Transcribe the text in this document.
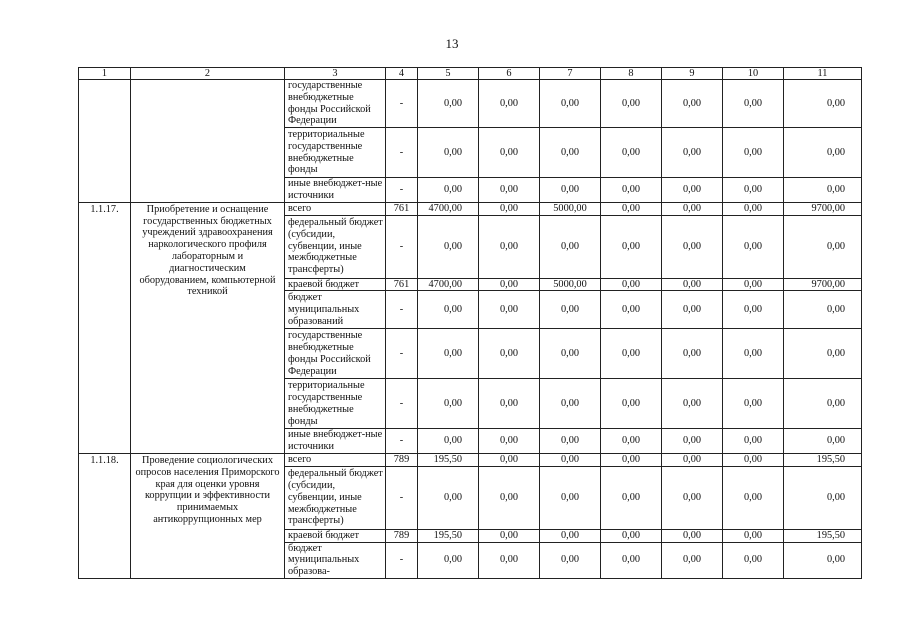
13
1	2	3	4	5	6	7	8	9	10	11
		государственные внебюджетные фонды Российской Федерации	-	0,00	0,00	0,00	0,00	0,00	0,00	0,00
		территориальные государственные внебюджетные фонды	-	0,00	0,00	0,00	0,00	0,00	0,00	0,00
		иные внебюджет-ные источники	-	0,00	0,00	0,00	0,00	0,00	0,00	0,00
1.1.17.	Приобретение и оснащение государственных бюджетных учреждений здравоохранения наркологического профиля лабораторным и диагностическим оборудованием, компьютерной техникой	всего	761	4700,00	0,00	5000,00	0,00	0,00	0,00	9700,00
		федеральный бюджет (субсидии, субвенции, иные межбюджетные трансферты)	-	0,00	0,00	0,00	0,00	0,00	0,00	0,00
		краевой бюджет	761	4700,00	0,00	5000,00	0,00	0,00	0,00	9700,00
		бюджет муниципальных образований	-	0,00	0,00	0,00	0,00	0,00	0,00	0,00
		государственные внебюджетные фонды Российской Федерации	-	0,00	0,00	0,00	0,00	0,00	0,00	0,00
		территориальные государственные внебюджетные фонды	-	0,00	0,00	0,00	0,00	0,00	0,00	0,00
		иные внебюджет-ные источники	-	0,00	0,00	0,00	0,00	0,00	0,00	0,00
1.1.18.	Проведение социологических опросов населения Приморского края для оценки уровня коррупции и эффективности принимаемых антикоррупционных мер	всего	789	195,50	0,00	0,00	0,00	0,00	0,00	195,50
		федеральный бюджет (субсидии, субвенции, иные межбюджетные трансферты)	-	0,00	0,00	0,00	0,00	0,00	0,00	0,00
		краевой бюджет	789	195,50	0,00	0,00	0,00	0,00	0,00	195,50
		бюджет муниципальных образова-	-	0,00	0,00	0,00	0,00	0,00	0,00	0,00
